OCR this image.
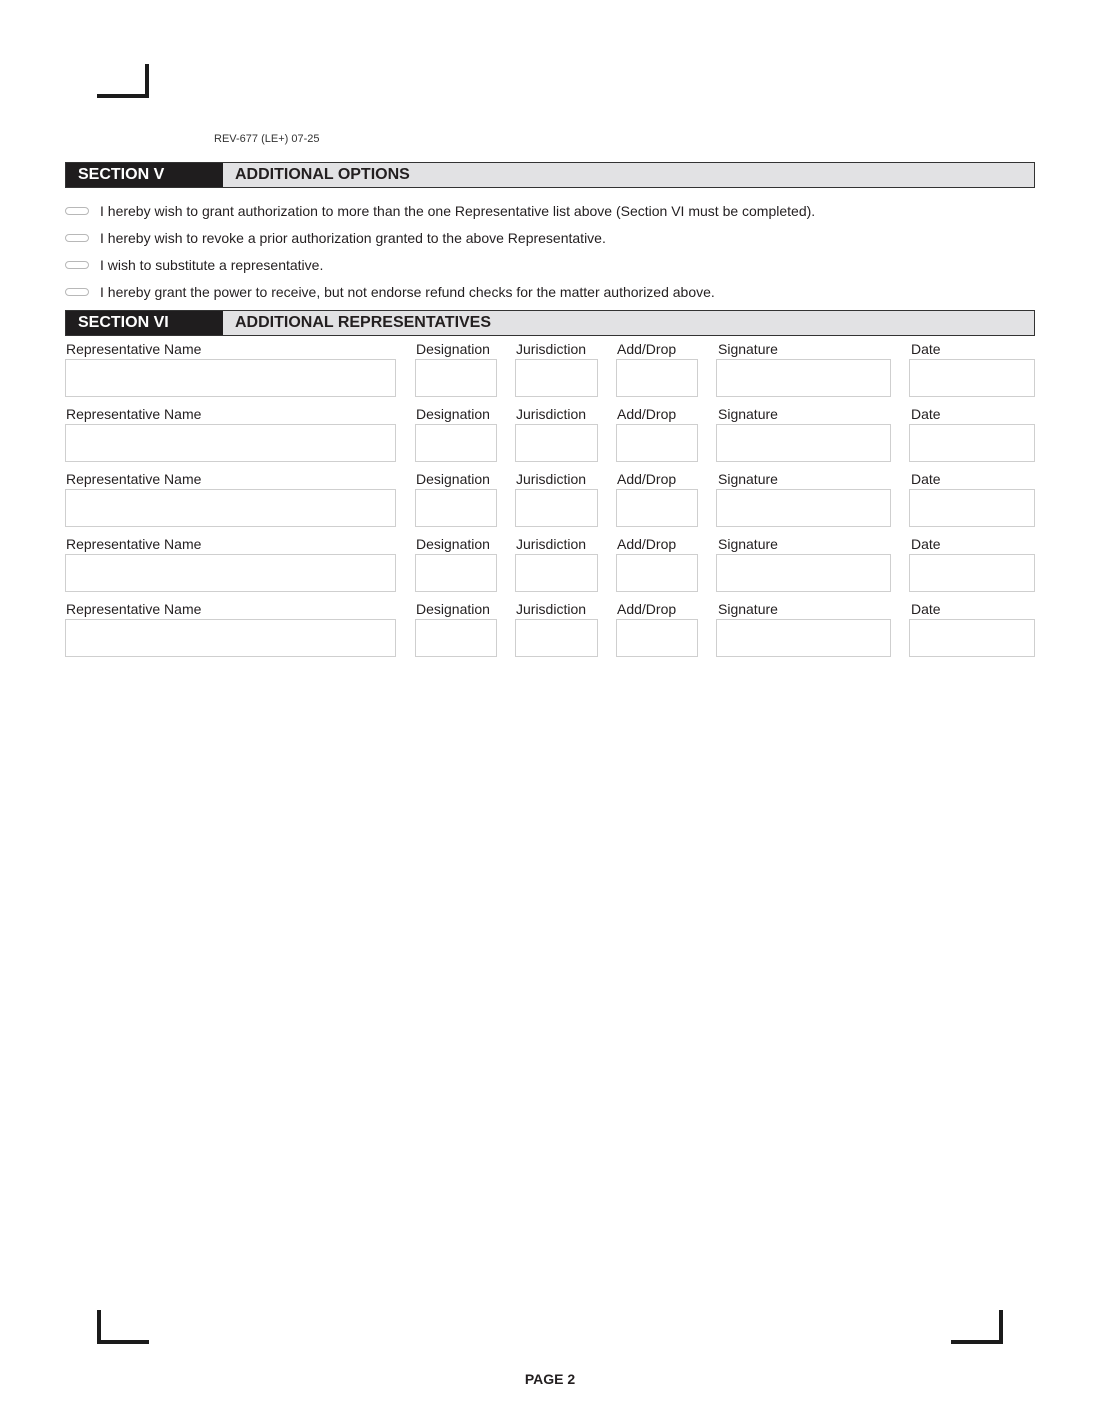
REV-677 (LE+) 07-25
SECTION V	ADDITIONAL OPTIONS
I hereby wish to grant authorization to more than the one Representative list above (Section VI must be completed).
I hereby wish to revoke a prior authorization granted to the above Representative.
I wish to substitute a representative.
I hereby grant the power to receive, but not endorse refund checks for the matter authorized above.
SECTION VI	ADDITIONAL REPRESENTATIVES
Representative Name	Designation	Jurisdiction	Add/Drop	Signature	Date
Representative Name	Designation	Jurisdiction	Add/Drop	Signature	Date
Representative Name	Designation	Jurisdiction	Add/Drop	Signature	Date
Representative Name	Designation	Jurisdiction	Add/Drop	Signature	Date
Representative Name	Designation	Jurisdiction	Add/Drop	Signature	Date
PAGE 2
